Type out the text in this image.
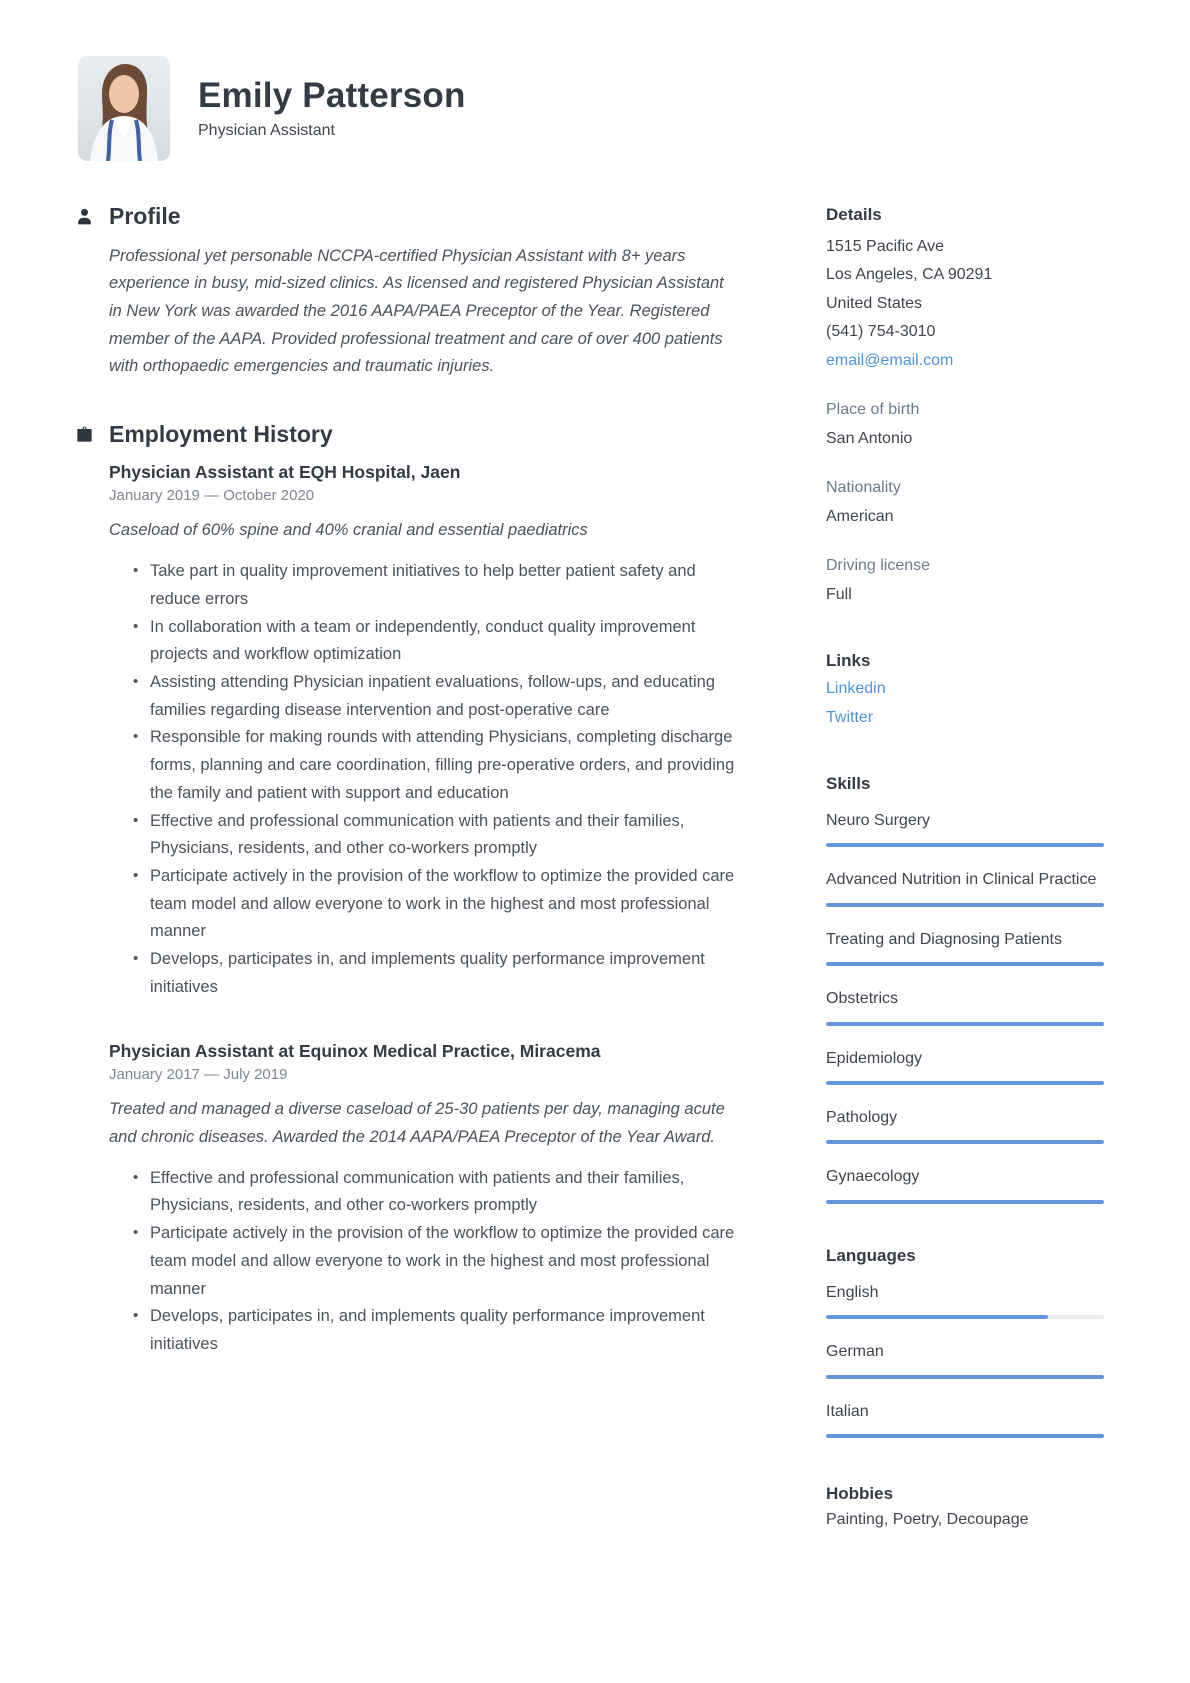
Emily Patterson
Physician Assistant
Profile

Professional yet personable NCCPA-certified Physician Assistant with 8+ years experience in busy, mid-sized clinics. As licensed and registered Physician Assistant in New York was awarded the 2016 AAPA/PAEA Preceptor of the Year. Registered member of the AAPA. Provided professional treatment and care of over 400 patients with orthopaedic emergencies and traumatic injuries.

Employment History
Physician Assistant at EQH Hospital, Jaen
January 2019 — October 2020
Caseload of 60% spine and 40% cranial and essential paediatrics
• Take part in quality improvement initiatives to help better patient safety and reduce errors
• In collaboration with a team or independently, conduct quality improvement projects and workflow optimization
• Assisting attending Physician inpatient evaluations, follow-ups, and educating families regarding disease intervention and post-operative care
• Responsible for making rounds with attending Physicians, completing discharge forms, planning and care coordination, filling pre-operative orders, and providing the family and patient with support and education
• Effective and professional communication with patients and their families, Physicians, residents, and other co-workers promptly
• Participate actively in the provision of the workflow to optimize the provided care team model and allow everyone to work in the highest and most professional manner
• Develops, participates in, and implements quality performance improvement initiatives
Physician Assistant at Equinox Medical Practice, Miracema
January 2017 — July 2019
Treated and managed a diverse caseload of 25-30 patients per day, managing acute and chronic diseases. Awarded the 2014 AAPA/PAEA Preceptor of the Year Award.
• Effective and professional communication with patients and their families, Physicians, residents, and other co-workers promptly
• Participate actively in the provision of the workflow to optimize the provided care team model and allow everyone to work in the highest and most professional manner
• Develops, participates in, and implements quality performance improvement initiatives
Details
1515 Pacific Ave
Los Angeles, CA 90291
United States
(541) 754-3010
email@email.com
Place of birth
San Antonio
Nationality
American
Driving license
Full
Links
Linkedin
Twitter
Skills
Neuro Surgery
Advanced Nutrition in Clinical Practice
Treating and Diagnosing Patients
Obstetrics
Epidemiology
Pathology
Gynaecology
Languages
English
German
Italian
Hobbies
Painting, Poetry, Decoupage
